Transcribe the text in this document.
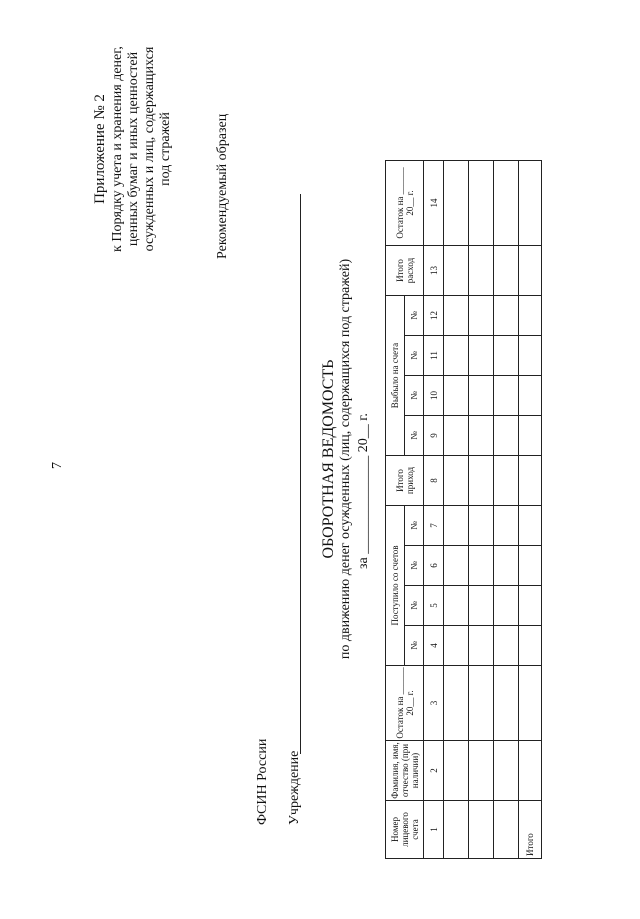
7
Приложение № 2 к Порядку учета и хранения денег, ценных бумаг и иных ценностей осужденных и лиц, содержащихся под стражей	Рекомендуемый образец
ФСИН России Учреждение
ОБОРОТНАЯ ВЕДОМОСТЬ по движению денег осужденных (лиц, содержащихся под стражей) за ______________ 20__ г.
Номер лицевого счета	Фамилия, имя, отчество (при наличии)	Остаток на ______ 20__ г.	Поступило со счетов				Итого приход	Выбыло на счета				Итого расход	Остаток на ______ 20__ г.
			№	№	№	№		№	№	№	№		
1	2	3	4	5	6	7	8	9	10	11	12	13	14

Итого													
